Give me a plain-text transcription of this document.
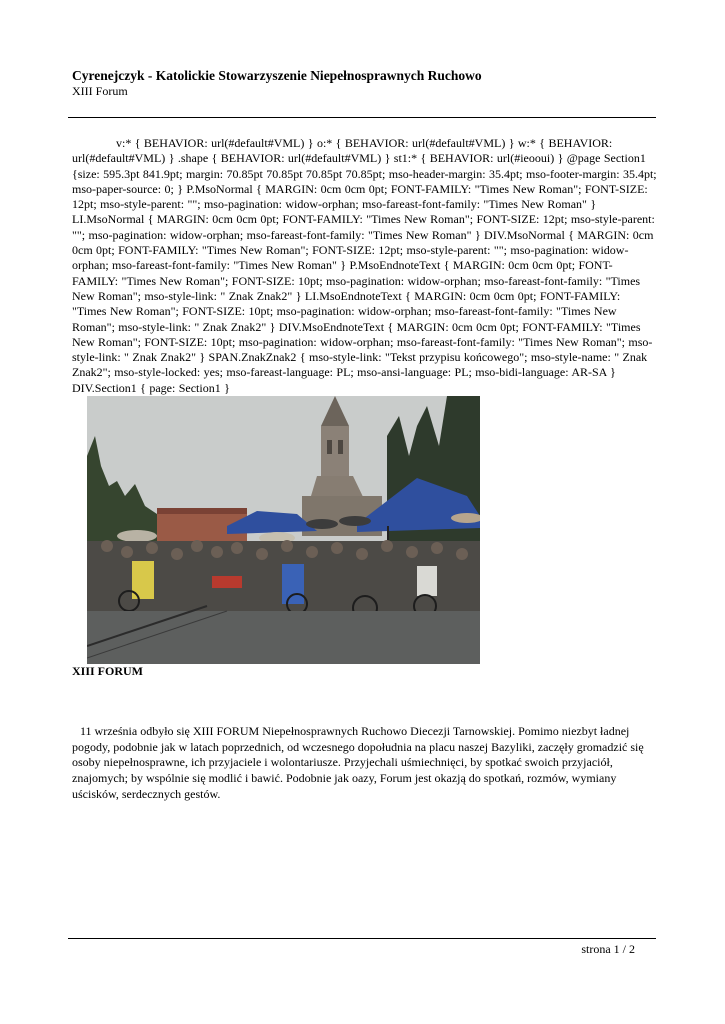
Cyrenejczyk - Katolickie Stowarzyszenie Niepełnosprawnych Ruchowo
XIII Forum
v:* { BEHAVIOR: url(#default#VML) } o:* { BEHAVIOR: url(#default#VML) } w:* { BEHAVIOR: url(#default#VML) } .shape { BEHAVIOR: url(#default#VML) } st1:* { BEHAVIOR: url(#ieooui) } @page Section1 {size: 595.3pt 841.9pt; margin: 70.85pt 70.85pt 70.85pt 70.85pt; mso-header-margin: 35.4pt; mso-footer-margin: 35.4pt; mso-paper-source: 0; } P.MsoNormal { MARGIN: 0cm 0cm 0pt; FONT-FAMILY: "Times New Roman"; FONT-SIZE: 12pt; mso-style-parent: ""; mso-pagination: widow-orphan; mso-fareast-font-family: "Times New Roman" } LI.MsoNormal { MARGIN: 0cm 0cm 0pt; FONT-FAMILY: "Times New Roman"; FONT-SIZE: 12pt; mso-style-parent: ""; mso-pagination: widow-orphan; mso-fareast-font-family: "Times New Roman" } DIV.MsoNormal { MARGIN: 0cm 0cm 0pt; FONT-FAMILY: "Times New Roman"; FONT-SIZE: 12pt; mso-style-parent: ""; mso-pagination: widow-orphan; mso-fareast-font-family: "Times New Roman" } P.MsoEndnoteText { MARGIN: 0cm 0cm 0pt; FONT-FAMILY: "Times New Roman"; FONT-SIZE: 10pt; mso-pagination: widow-orphan; mso-fareast-font-family: "Times New Roman"; mso-style-link: " Znak Znak2" } LI.MsoEndnoteText { MARGIN: 0cm 0cm 0pt; FONT-FAMILY: "Times New Roman"; FONT-SIZE: 10pt; mso-pagination: widow-orphan; mso-fareast-font-family: "Times New Roman"; mso-style-link: " Znak Znak2" } DIV.MsoEndnoteText { MARGIN: 0cm 0cm 0pt; FONT-FAMILY: "Times New Roman"; FONT-SIZE: 10pt; mso-pagination: widow-orphan; mso-fareast-font-family: "Times New Roman"; mso-style-link: " Znak Znak2" } SPAN.ZnakZnak2 { mso-style-link: "Tekst przypisu końcowego"; mso-style-name: " Znak Znak2"; mso-style-locked: yes; mso-fareast-language: PL; mso-ansi-language: PL; mso-bidi-language: AR-SA } DIV.Section1 { page: Section1 }
XIII FORUM
11 września odbyło się XIII FORUM Niepełnosprawnych Ruchowo Diecezji Tarnowskiej. Pomimo niezbyt ładnej pogody, podobnie jak w latach poprzednich, od wczesnego dopołudnia na placu naszej Bazyliki, zaczęły gromadzić się osoby niepełnosprawne, ich przyjaciele i wolontariusze. Przyjechali uśmiechnięci, by spotkać swoich przyjaciół, znajomych; by wspólnie się modlić i bawić. Podobnie jak oazy, Forum jest okazją do spotkań, rozmów, wymiany uścisków, serdecznych gestów.
strona 1 / 2
